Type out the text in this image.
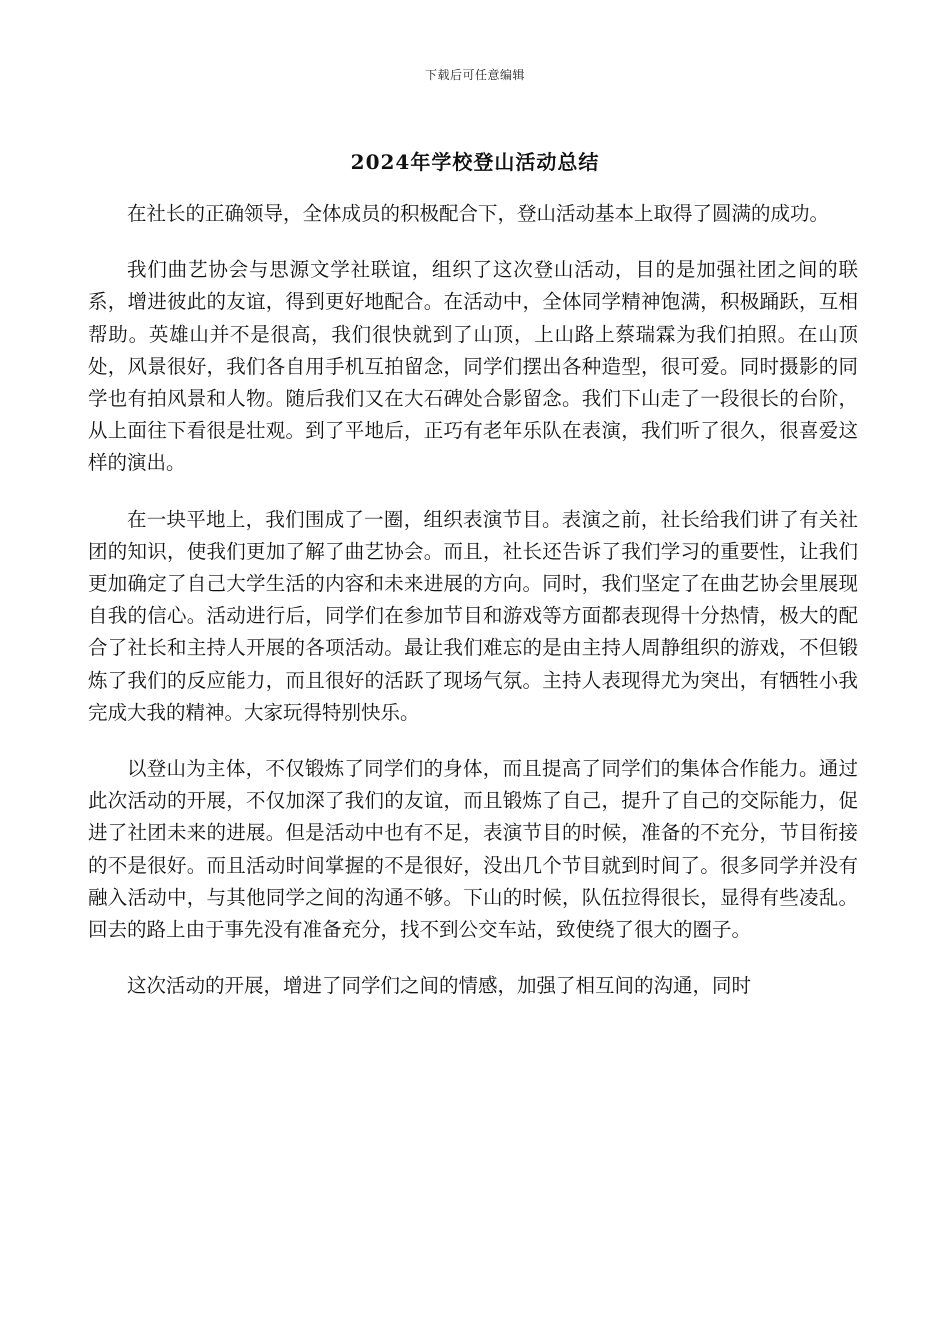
下载后可任意编辑
2024年学校登山活动总结

在社长的正确领导，全体成员的积极配合下，登山活动基本上取得了圆满的成功。

我们曲艺协会与思源文学社联谊，组织了这次登山活动，目的是加强社团之间的联系，增进彼此的友谊，得到更好地配合。在活动中，全体同学精神饱满，积极踊跃，互相帮助。英雄山并不是很高，我们很快就到了山顶，上山路上蔡瑞霖为我们拍照。在山顶处，风景很好，我们各自用手机互拍留念，同学们摆出各种造型，很可爱。同时摄影的同学也有拍风景和人物。随后我们又在大石碑处合影留念。我们下山走了一段很长的台阶，从上面往下看很是壮观。到了平地后，正巧有老年乐队在表演，我们听了很久，很喜爱这样的演出。

在一块平地上，我们围成了一圈，组织表演节目。表演之前，社长给我们讲了有关社团的知识，使我们更加了解了曲艺协会。而且，社长还告诉了我们学习的重要性，让我们更加确定了自己大学生活的内容和未来进展的方向。同时，我们坚定了在曲艺协会里展现自我的信心。活动进行后，同学们在参加节目和游戏等方面都表现得十分热情，极大的配合了社长和主持人开展的各项活动。最让我们难忘的是由主持人周静组织的游戏，不但锻炼了我们的反应能力，而且很好的活跃了现场气氛。主持人表现得尤为突出，有牺牲小我完成大我的精神。大家玩得特别快乐。

以登山为主体，不仅锻炼了同学们的身体，而且提高了同学们的集体合作能力。通过此次活动的开展，不仅加深了我们的友谊，而且锻炼了自己，提升了自己的交际能力，促进了社团未来的进展。但是活动中也有不足，表演节目的时候，准备的不充分，节目衔接的不是很好。而且活动时间掌握的不是很好，没出几个节目就到时间了。很多同学并没有融入活动中，与其他同学之间的沟通不够。下山的时候，队伍拉得很长，显得有些凌乱。回去的路上由于事先没有准备充分，找不到公交车站，致使绕了很大的圈子。

这次活动的开展，增进了同学们之间的情感，加强了相互间的沟通，同时
